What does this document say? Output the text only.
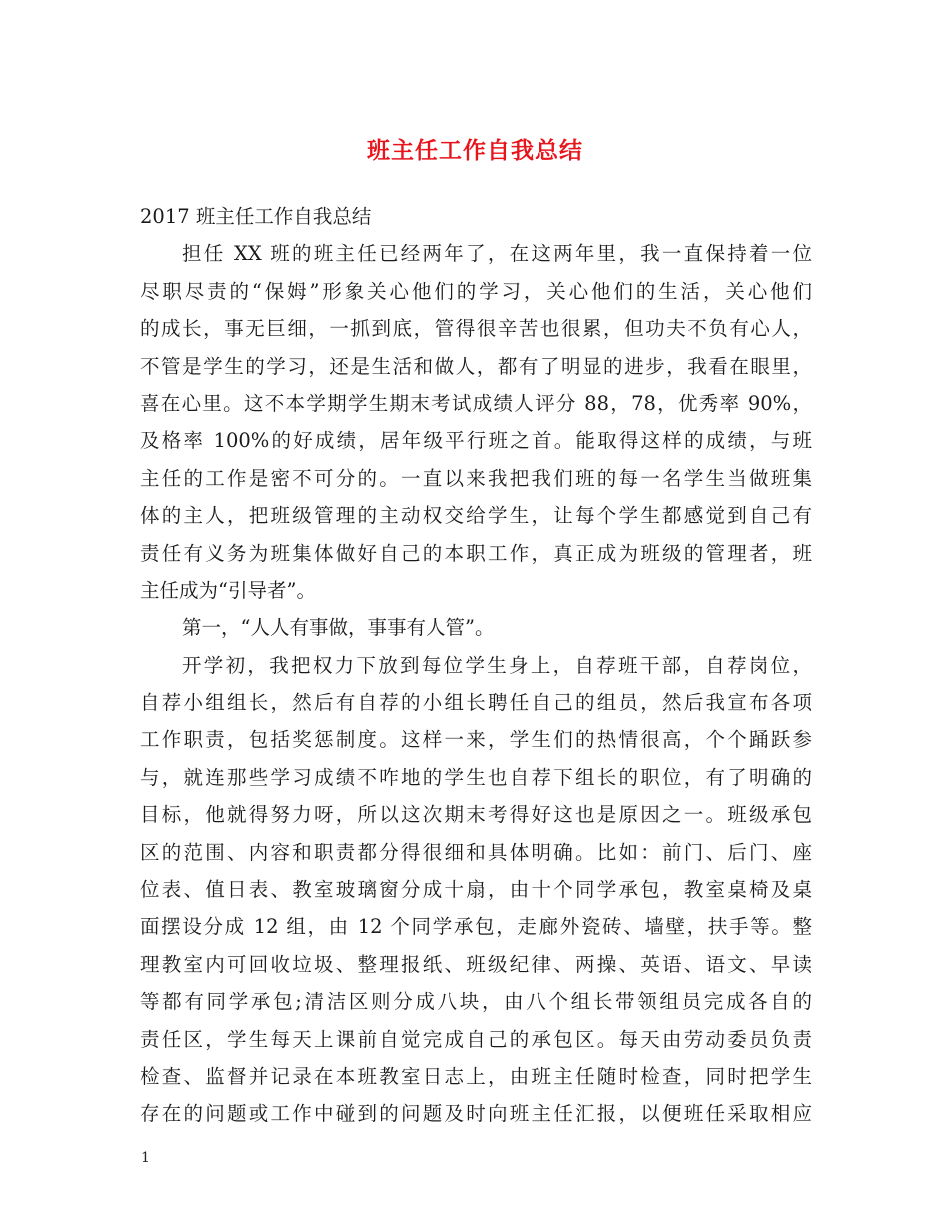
班主任工作自我总结
2017 班主任工作自我总结
担任 XX 班的班主任已经两年了，在这两年里，我一直保持着一位
尽职尽责的“保姆”形象关心他们的学习，关心他们的生活，关心他们
的成长，事无巨细，一抓到底，管得很辛苦也很累，但功夫不负有心人，
不管是学生的学习，还是生活和做人，都有了明显的进步，我看在眼里，
喜在心里。这不本学期学生期末考试成绩人评分 88，78，优秀率 90%，
及格率 100%的好成绩，居年级平行班之首。能取得这样的成绩，与班
主任的工作是密不可分的。一直以来我把我们班的每一名学生当做班集
体的主人，把班级管理的主动权交给学生，让每个学生都感觉到自己有
责任有义务为班集体做好自己的本职工作，真正成为班级的管理者，班
主任成为“引导者”。
第一，“人人有事做，事事有人管”。
开学初，我把权力下放到每位学生身上，自荐班干部，自荐岗位，
自荐小组组长，然后有自荐的小组长聘任自己的组员，然后我宣布各项
工作职责，包括奖惩制度。这样一来，学生们的热情很高，个个踊跃参
与，就连那些学习成绩不咋地的学生也自荐下组长的职位，有了明确的
目标，他就得努力呀，所以这次期末考得好这也是原因之一。班级承包
区的范围、内容和职责都分得很细和具体明确。比如：前门、后门、座
位表、值日表、教室玻璃窗分成十扇，由十个同学承包，教室桌椅及桌
面摆设分成 12 组，由 12 个同学承包，走廊外瓷砖、墙壁，扶手等。整
理教室内可回收垃圾、整理报纸、班级纪律、两操、英语、语文、早读
等都有同学承包;清洁区则分成八块，由八个组长带领组员完成各自的
责任区，学生每天上课前自觉完成自己的承包区。每天由劳动委员负责
检查、监督并记录在本班教室日志上，由班主任随时检查，同时把学生
存在的问题或工作中碰到的问题及时向班主任汇报，以便班任采取相应
1
